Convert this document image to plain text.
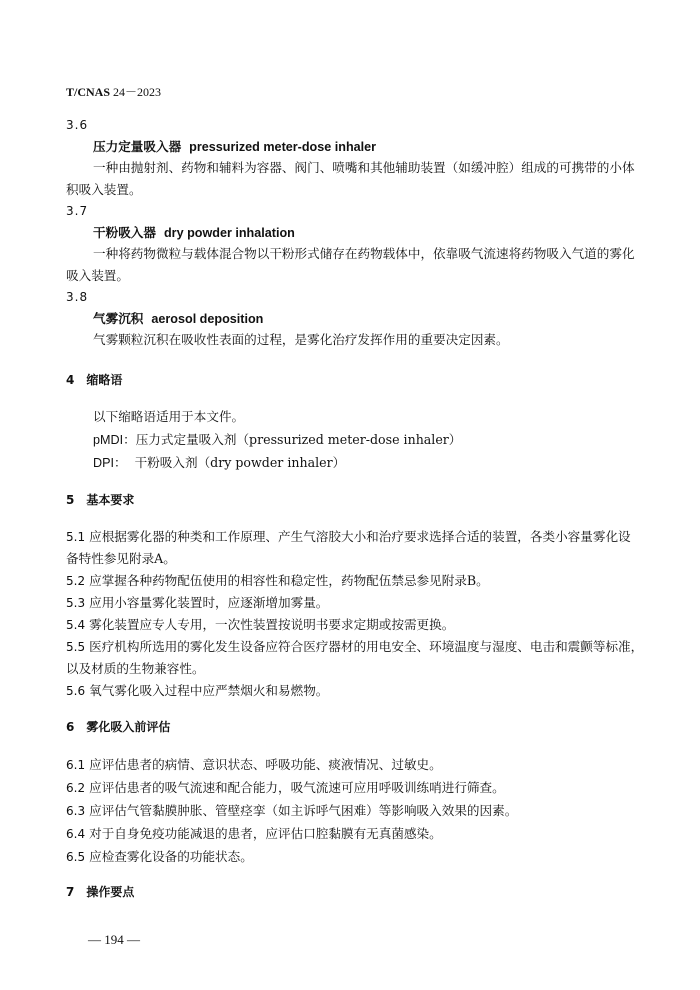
T/CNAS 24－2023
3.6
压力定量吸入器 pressurized meter-dose inhaler
一种由抛射剂、药物和辅料为容器、阀门、喷嘴和其他辅助装置（如缓冲腔）组成的可携带的小体
积吸入装置。
3.7
干粉吸入器 dry powder inhalation
一种将药物微粒与载体混合物以干粉形式储存在药物载体中，依靠吸气流速将药物吸入气道的雾化
吸入装置。
3.8
气雾沉积 aerosol deposition
气雾颗粒沉积在吸收性表面的过程，是雾化治疗发挥作用的重要决定因素。
4　缩略语
以下缩略语适用于本文件。
pMDI：压力式定量吸入剂（pressurized meter-dose inhaler）
DPI： 干粉吸入剂（dry powder inhaler）
5　基本要求
5.1 应根据雾化器的种类和工作原理、产生气溶胶大小和治疗要求选择合适的装置，各类小容量雾化设
备特性参见附录A。
5.2 应掌握各种药物配伍使用的相容性和稳定性，药物配伍禁忌参见附录B。
5.3 应用小容量雾化装置时，应逐渐增加雾量。
5.4 雾化装置应专人专用，一次性装置按说明书要求定期或按需更换。
5.5 医疗机构所选用的雾化发生设备应符合医疗器材的用电安全、环境温度与湿度、电击和震颤等标准，
以及材质的生物兼容性。
5.6 氧气雾化吸入过程中应严禁烟火和易燃物。
6　雾化吸入前评估
6.1 应评估患者的病情、意识状态、呼吸功能、痰液情况、过敏史。
6.2 应评估患者的吸气流速和配合能力，吸气流速可应用呼吸训练哨进行筛查。
6.3 应评估气管黏膜肿胀、管壁痉挛（如主诉呼气困难）等影响吸入效果的因素。
6.4 对于自身免疫功能减退的患者，应评估口腔黏膜有无真菌感染。
6.5 应检查雾化设备的功能状态。
7　操作要点
— 194 —
